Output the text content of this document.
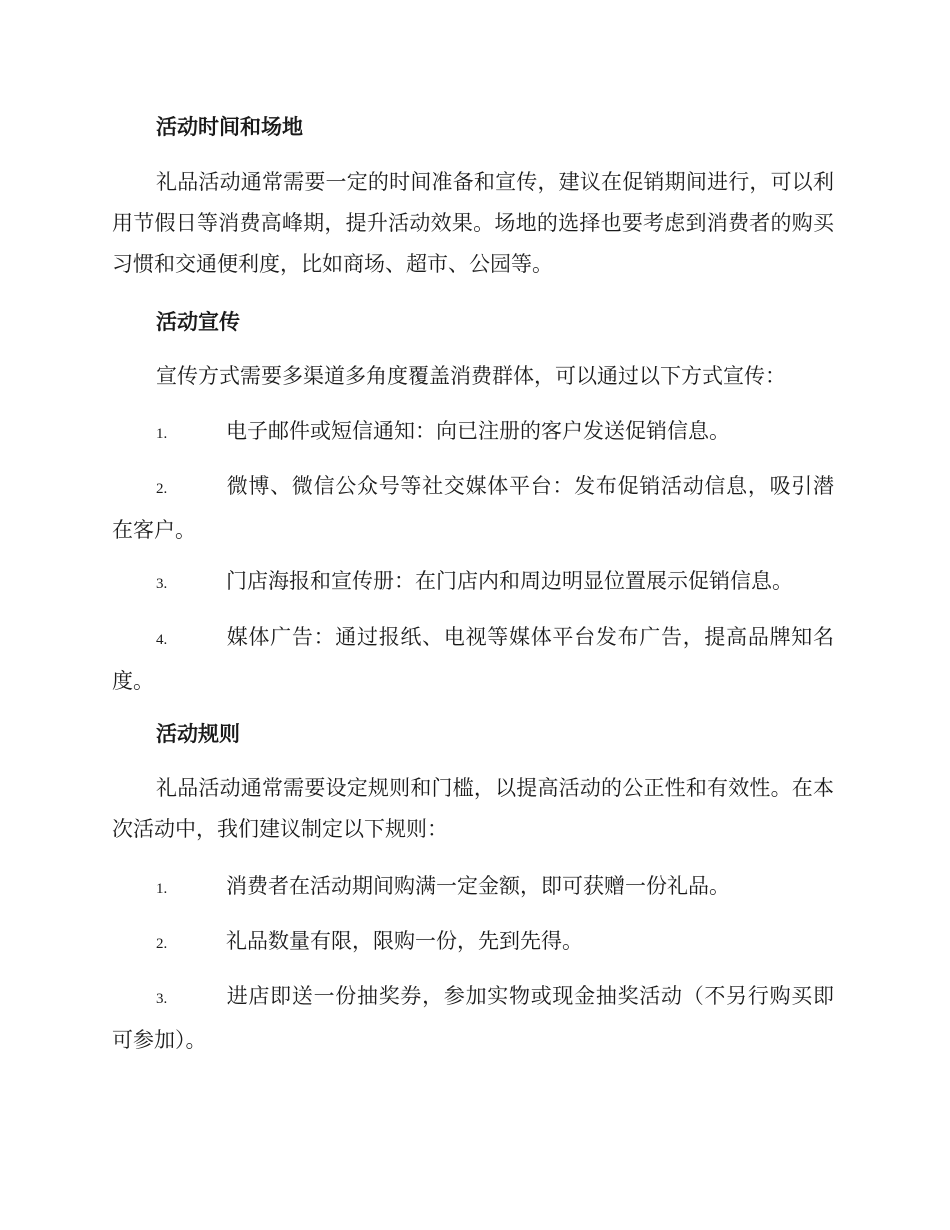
活动时间和场地
礼品活动通常需要一定的时间准备和宣传，建议在促销期间进行，可以利用节假日等消费高峰期，提升活动效果。场地的选择也要考虑到消费者的购买习惯和交通便利度，比如商场、超市、公园等。
活动宣传
宣传方式需要多渠道多角度覆盖消费群体，可以通过以下方式宣传：
1.	电子邮件或短信通知：向已注册的客户发送促销信息。
2.	微博、微信公众号等社交媒体平台：发布促销活动信息，吸引潜在客户。
3.	门店海报和宣传册：在门店内和周边明显位置展示促销信息。
4.	媒体广告：通过报纸、电视等媒体平台发布广告，提高品牌知名度。
活动规则
礼品活动通常需要设定规则和门槛，以提高活动的公正性和有效性。在本次活动中，我们建议制定以下规则：
1.	消费者在活动期间购满一定金额，即可获赠一份礼品。
2.	礼品数量有限，限购一份，先到先得。
3.	进店即送一份抽奖券，参加实物或现金抽奖活动（不另行购买即可参加）。
